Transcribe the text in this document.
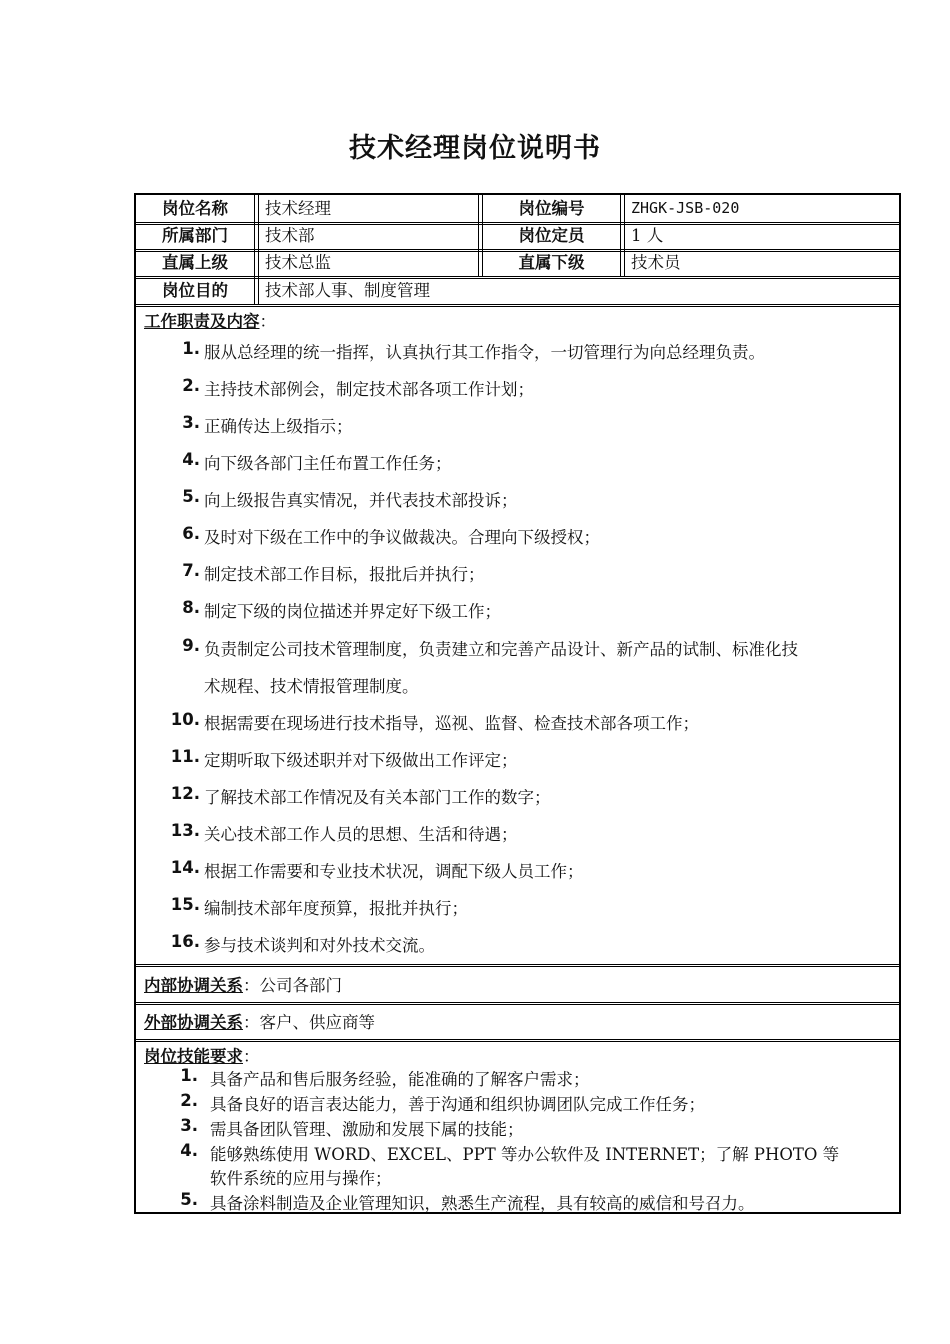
技术经理岗位说明书
岗位名称	技术经理	岗位编号	ZHGK-JSB-020
所属部门	技术部	岗位定员	1 人
直属上级	技术总监	直属下级	技术员
岗位目的	技术部人事、制度管理
工作职责及内容：
1. 服从总经理的统一指挥，认真执行其工作指令，一切管理行为向总经理负责。
2. 主持技术部例会，制定技术部各项工作计划；
3. 正确传达上级指示；
4. 向下级各部门主任布置工作任务；
5. 向上级报告真实情况，并代表技术部投诉；
6. 及时对下级在工作中的争议做裁决。合理向下级授权；
7. 制定技术部工作目标，报批后并执行；
8. 制定下级的岗位描述并界定好下级工作；
9. 负责制定公司技术管理制度，负责建立和完善产品设计、新产品的试制、标准化技
术规程、技术情报管理制度。
10. 根据需要在现场进行技术指导，巡视、监督、检查技术部各项工作；
11. 定期听取下级述职并对下级做出工作评定；
12. 了解技术部工作情况及有关本部门工作的数字；
13. 关心技术部工作人员的思想、生活和待遇；
14. 根据工作需要和专业技术状况，调配下级人员工作；
15. 编制技术部年度预算，报批并执行；
16. 参与技术谈判和对外技术交流。
内部协调关系：公司各部门
外部协调关系：客户、供应商等
岗位技能要求：
1. 具备产品和售后服务经验，能准确的了解客户需求；
2. 具备良好的语言表达能力，善于沟通和组织协调团队完成工作任务；
3. 需具备团队管理、激励和发展下属的技能；
4. 能够熟练使用 WORD、EXCEL、PPT 等办公软件及 INTERNET；了解 PHOTO 等
软件系统的应用与操作；
5. 具备涂料制造及企业管理知识，熟悉生产流程，具有较高的威信和号召力。
